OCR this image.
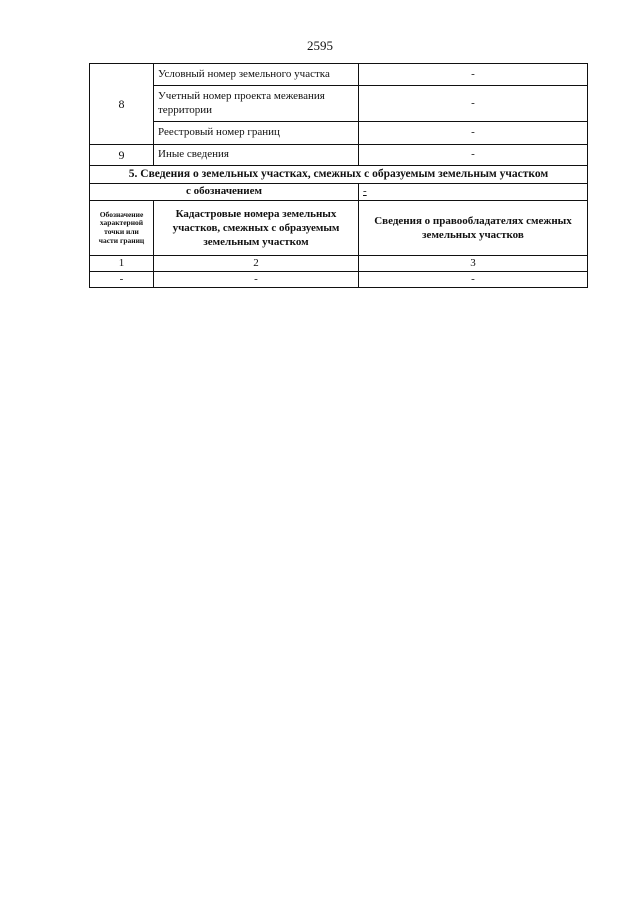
2595
8	Условный номер земельного участка	-
	Учетный номер проекта межевания территории	-
	Реестровый номер границ	-
9	Иные сведения	-
5. Сведения о земельных участках, смежных с образуемым земельным участком		
с обозначением		-
Обозначение характерной точки или части границ	Кадастровые номера земельных участков, смежных с образуемым земельным участком	Сведения о правообладателях смежных земельных участков
1	2	3
-	-	-
